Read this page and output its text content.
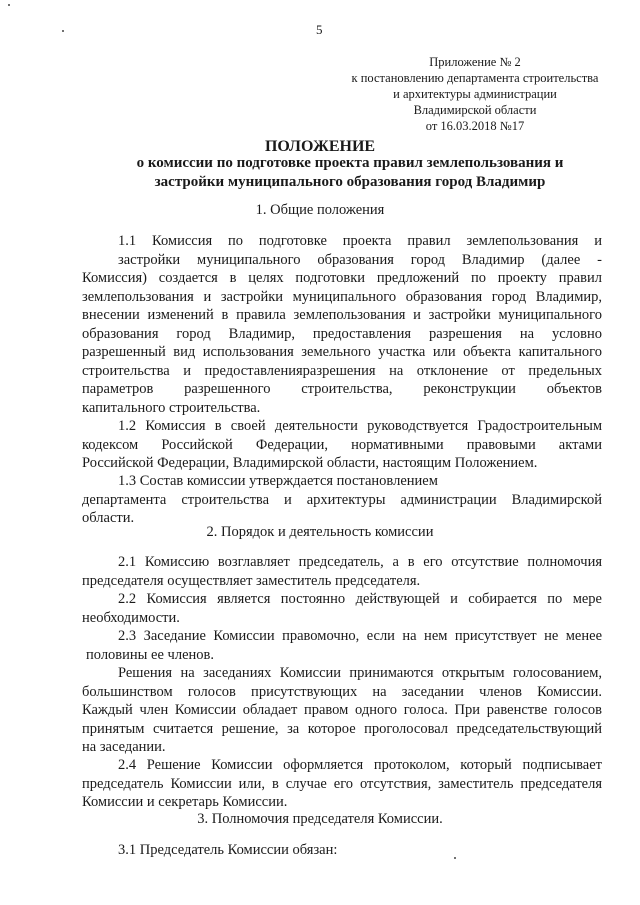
5
Приложение № 2
к постановлению департамента строительства
и архитектуры администрации
Владимирской области
от 16.03.2018 №17
ПОЛОЖЕНИЕ
о комиссии по подготовке проекта правил землепользования и
застройки муниципального образования город Владимир
1. Общие положения
1.1 Комиссия по подготовке проекта правил землепользования и
застройки муниципального образования город Владимир (далее -
Комиссия) создается в целях подготовки предложений по проекту правил
землепользования и застройки муниципального образования город Владимир,
внесении изменений в правила землепользования и застройки муниципального
образования город Владимир, предоставления разрешения на условно
разрешенный вид использования земельного участка или объекта капитального
строительства и предоставленияразрешения на отклонение от предельных
параметров разрешенного строительства, реконструкции объектов
капитального строительства.
1.2 Комиссия в своей деятельности руководствуется Градостроительным
кодексом Российской Федерации, нормативными правовыми актами
Российской Федерации, Владимирской области, настоящим Положением.
1.3 Состав комиссии утверждается постановлением
департамента строительства и архитектуры администрации Владимирской
области.
2. Порядок и деятельность комиссии
2.1 Комиссию возглавляет председатель, а в его отсутствие полномочия
председателя осуществляет заместитель председателя.
2.2 Комиссия является постоянно действующей и собирается по мере
необходимости.
2.3 Заседание Комиссии правомочно, если на нем присутствует не менее
половины ее членов.
Решения на заседаниях Комиссии принимаются открытым голосованием,
большинством голосов присутствующих на заседании членов Комиссии.
Каждый член Комиссии обладает правом одного голоса. При равенстве голосов
принятым считается решение, за которое проголосовал председательствующий
на заседании.
2.4 Решение Комиссии оформляется протоколом, который подписывает
председатель Комиссии или, в случае его отсутствия, заместитель председателя
Комиссии и секретарь Комиссии.
3. Полномочия председателя Комиссии.
3.1 Председатель Комиссии обязан:
